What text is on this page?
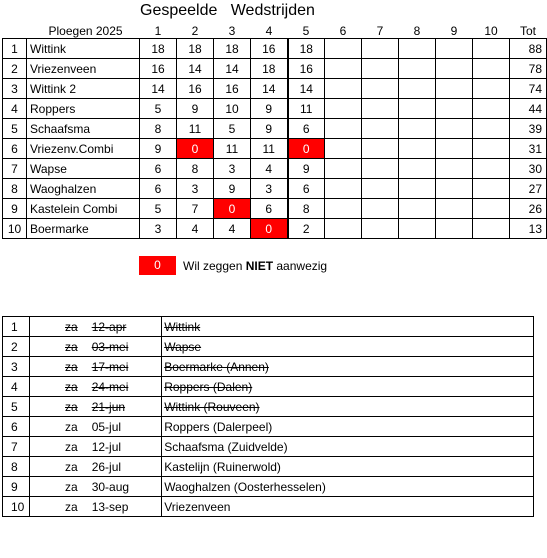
Gespeelde   Wedstrijden
	Ploegen 2025	1	2	3	4	5	6	7	8	9	10	Tot
1	Wittink	18	18	18	16	18						88
2	Vriezenveen	16	14	14	18	16						78
3	Wittink 2	14	16	16	14	14						74
4	Roppers	5	9	10	9	11						44
5	Schaafsma	8	11	5	9	6						39
6	Vriezenv.Combi	9	0	11	11	0						31
7	Wapse	6	8	3	4	9						30
8	Waoghalzen	6	3	9	3	6						27
9	Kastelein Combi	5	7	0	6	8						26
10	Boermarke	3	4	4	0	2						13
0	Wil zeggen NIET aanwezig
1	za	12-apr	Wittink
2	za	03-mei	Wapse
3	za	17-mei	Boermarke (Annen)
4	za	24-mei	Roppers (Dalen)
5	za	21-jun	Wittink (Rouveen)
6	za	05-jul	Roppers (Dalerpeel)
7	za	12-jul	Schaafsma (Zuidvelde)
8	za	26-jul	Kastelijn (Ruinerwold)
9	za	30-aug	Waoghalzen (Oosterhesselen)
10	za	13-sep	Vriezenveen
